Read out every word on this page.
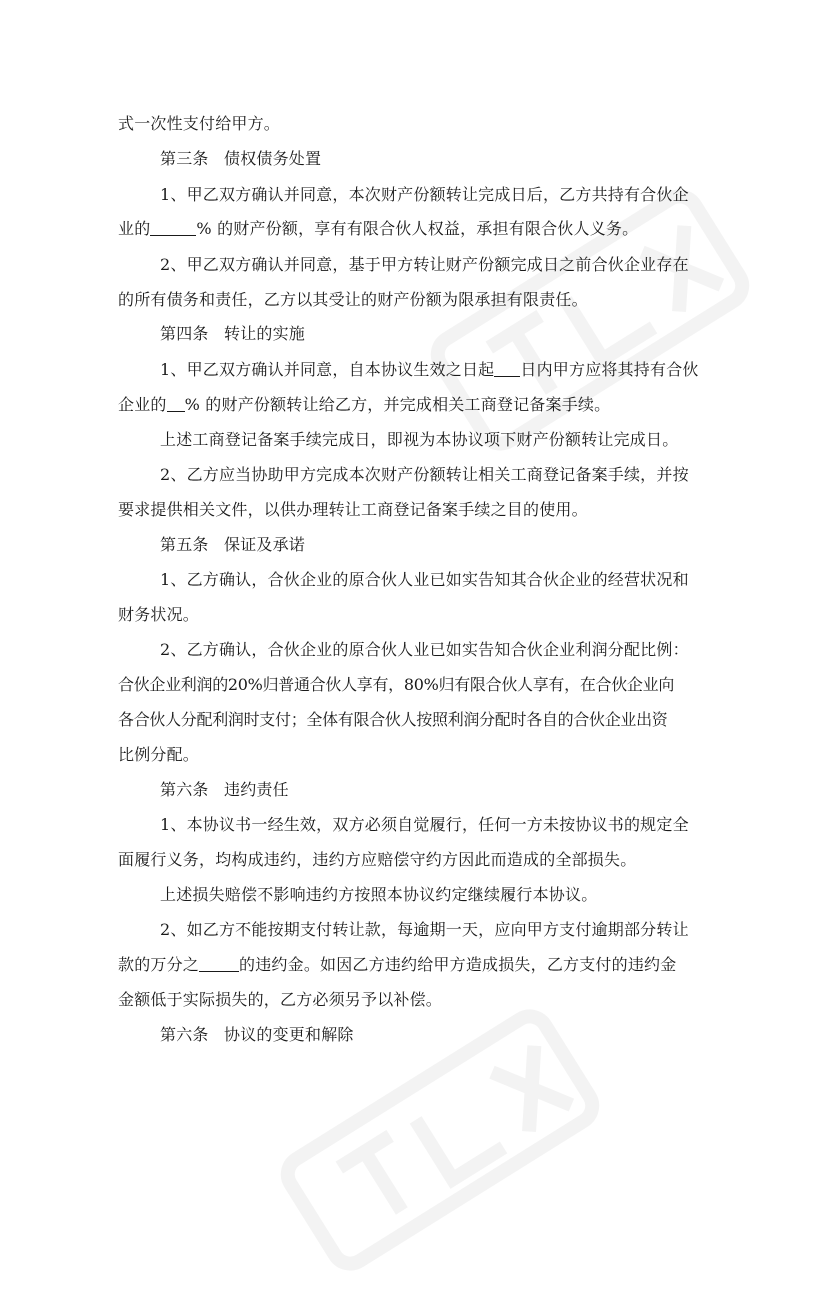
式一次性支付给甲方。
第三条 债权债务处置
1、甲乙双方确认并同意，本次财产份额转让完成日后，乙方共持有合伙企
业的	% 的财产份额，享有有限合伙人权益，承担有限合伙人义务。
2、甲乙双方确认并同意，基于甲方转让财产份额完成日之前合伙企业存在
的所有债务和责任，乙方以其受让的财产份额为限承担有限责任。
第四条 转让的实施
1、甲乙双方确认并同意，自本协议生效之日起 日内甲方应将其持有合伙
企业的 % 的财产份额转让给乙方，并完成相关工商登记备案手续。
上述工商登记备案手续完成日，即视为本协议项下财产份额转让完成日。
2、乙方应当协助甲方完成本次财产份额转让相关工商登记备案手续，并按
要求提供相关文件，以供办理转让工商登记备案手续之目的使用。
第五条 保证及承诺
1、乙方确认，合伙企业的原合伙人业已如实告知其合伙企业的经营状况和
财务状况。
2、乙方确认，合伙企业的原合伙人业已如实告知合伙企业利润分配比例：
合伙企业利润的20%归普通合伙人享有，80%归有限合伙人享有，在合伙企业向
各合伙人分配利润时支付；全体有限合伙人按照利润分配时各自的合伙企业出资
比例分配。
第六条 违约责任
1、本协议书一经生效，双方必须自觉履行，任何一方未按协议书的规定全
面履行义务，均构成违约，违约方应赔偿守约方因此而造成的全部损失。
上述损失赔偿不影响违约方按照本协议约定继续履行本协议。
2、如乙方不能按期支付转让款，每逾期一天，应向甲方支付逾期部分转让
款的万分之	的违约金。如因乙方违约给甲方造成损失，乙方支付的违约金
金额低于实际损失的，乙方必须另予以补偿。
第六条 协议的变更和解除
